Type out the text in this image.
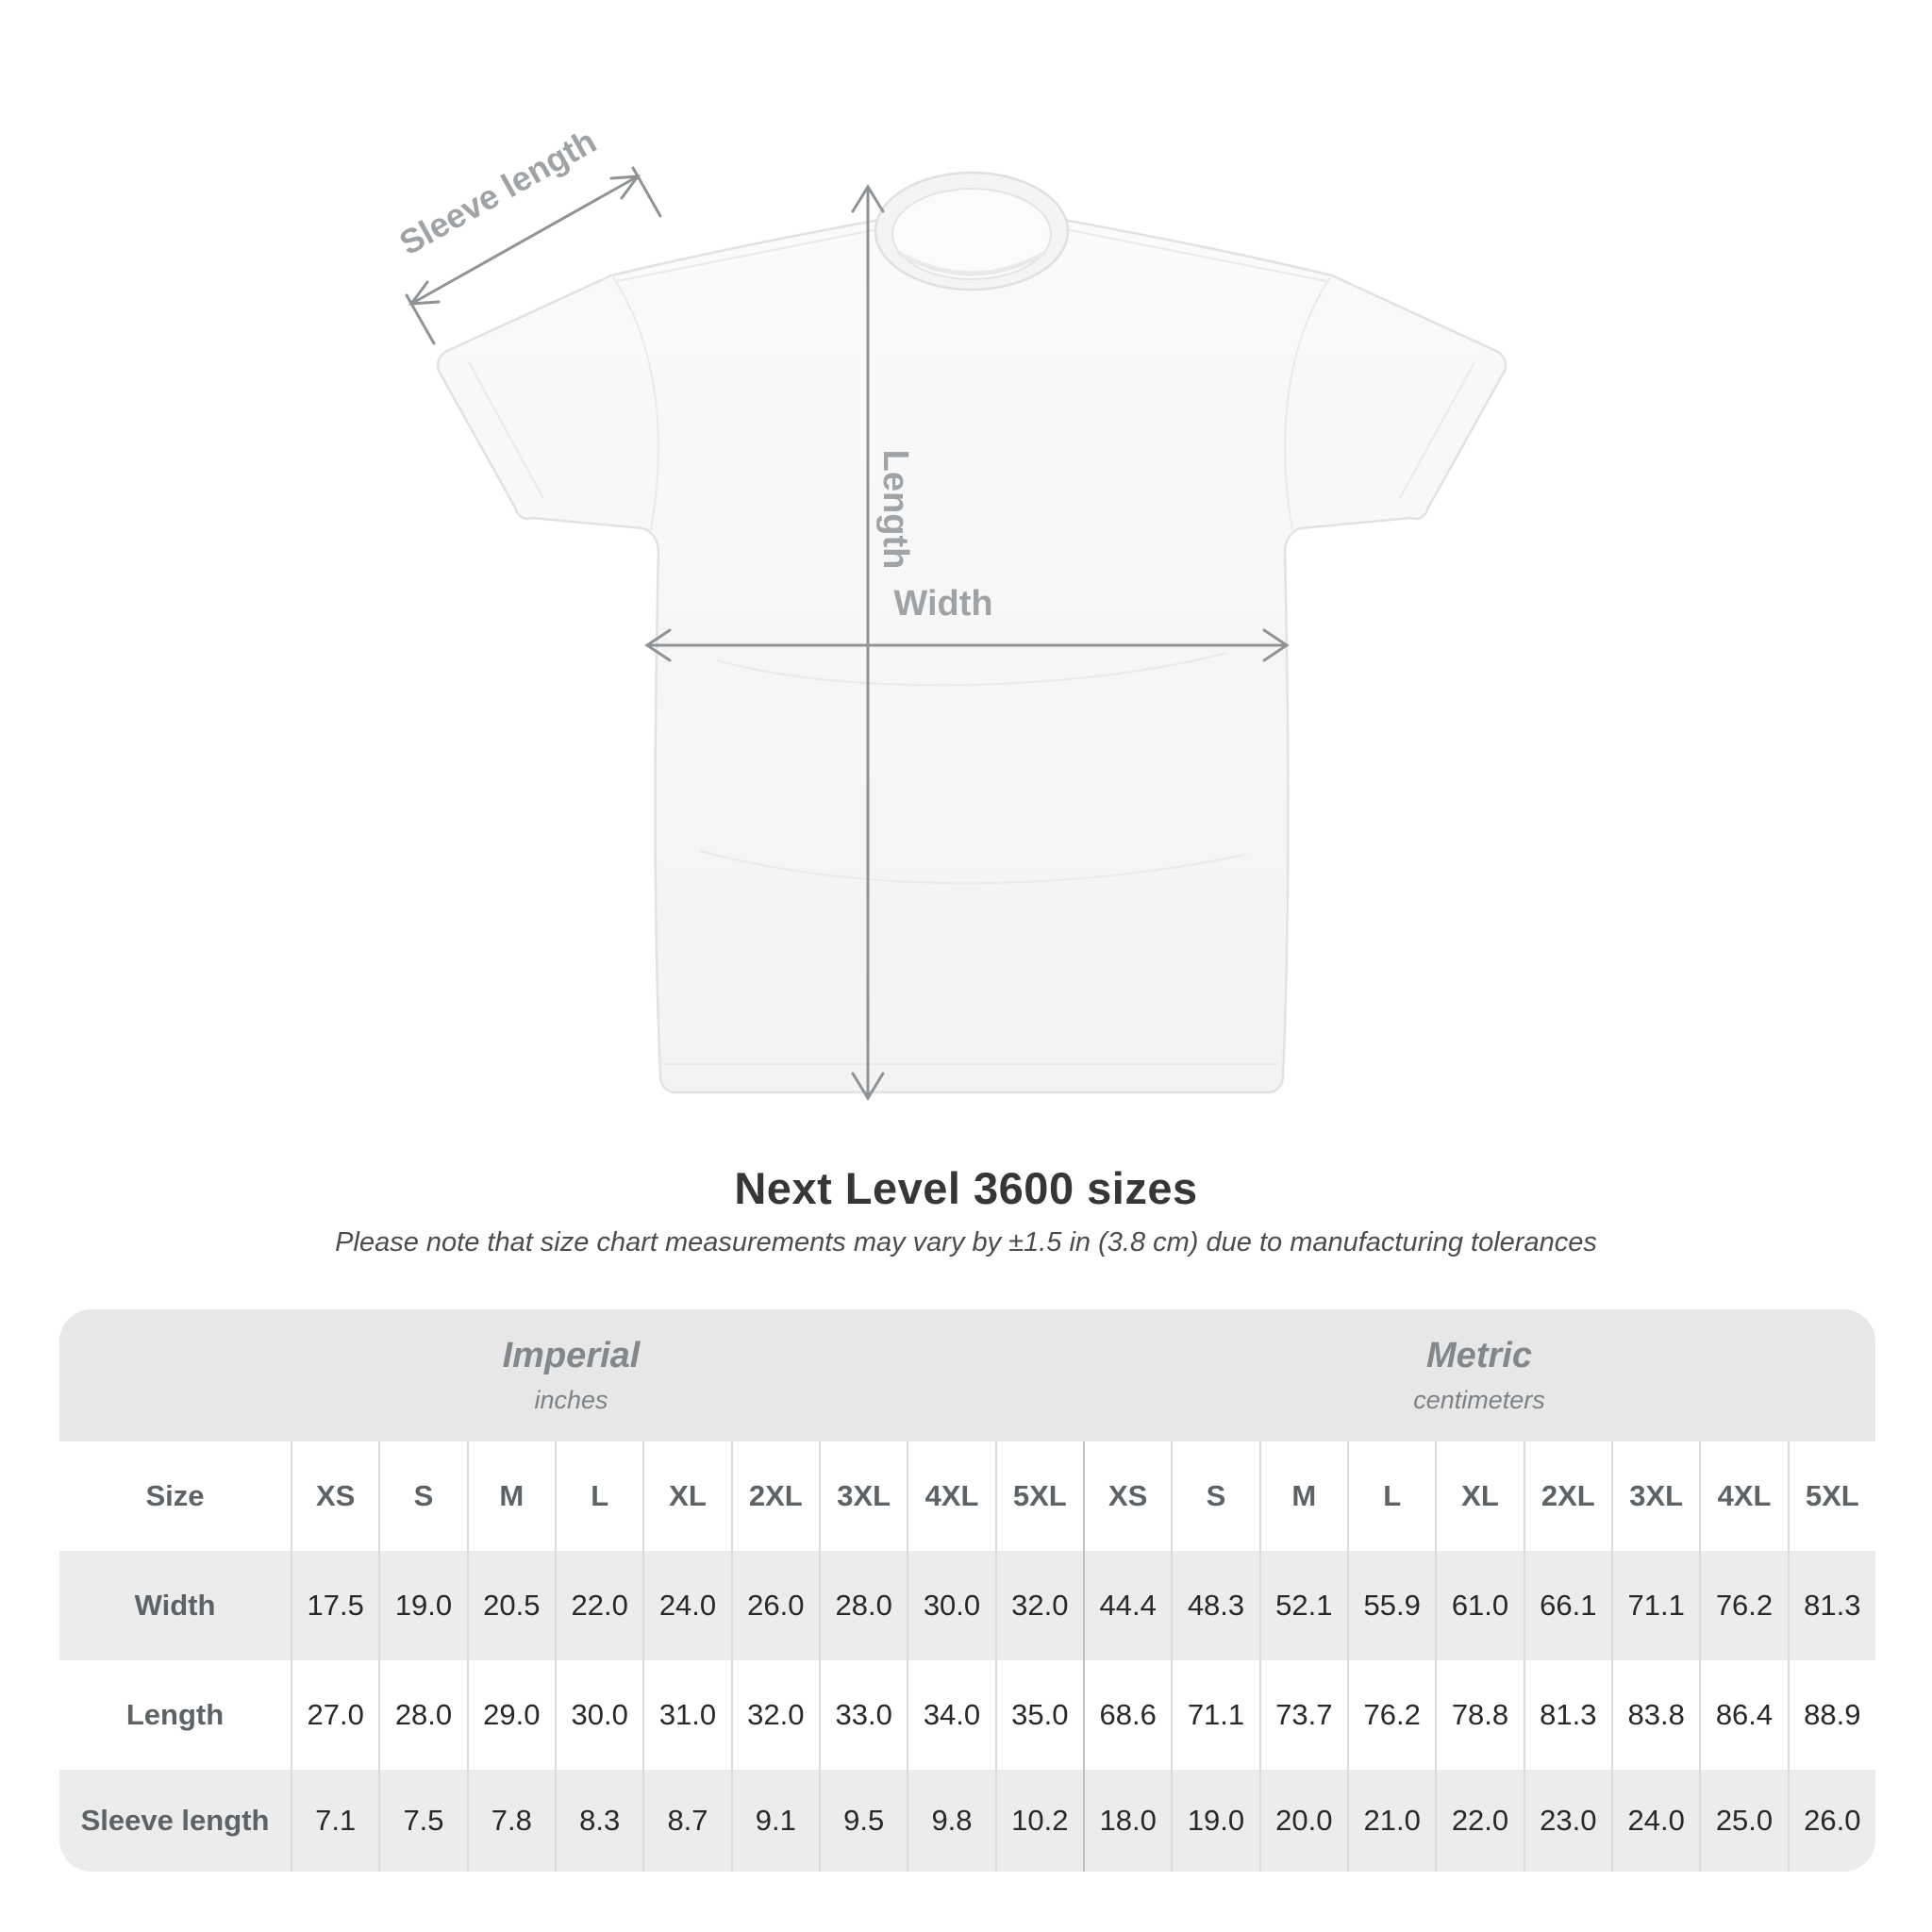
Sleeve length
Length
Width
Next Level 3600 sizes

Please note that size chart measurements may vary by ±1.5 in (3.8 cm) due to manufacturing tolerances

Imperial
inches
Metric
centimeters
Size	XS	S	M	L	XL	2XL	3XL	4XL	5XL	XS	S	M	L	XL	2XL	3XL	4XL	5XL
Width	17.5	19.0	20.5	22.0	24.0	26.0	28.0	30.0	32.0	44.4	48.3	52.1	55.9	61.0	66.1	71.1	76.2	81.3
Length	27.0	28.0	29.0	30.0	31.0	32.0	33.0	34.0	35.0	68.6	71.1	73.7	76.2	78.8	81.3	83.8	86.4	88.9
Sleeve length	7.1	7.5	7.8	8.3	8.7	9.1	9.5	9.8	10.2	18.0	19.0	20.0	21.0	22.0	23.0	24.0	25.0	26.0
